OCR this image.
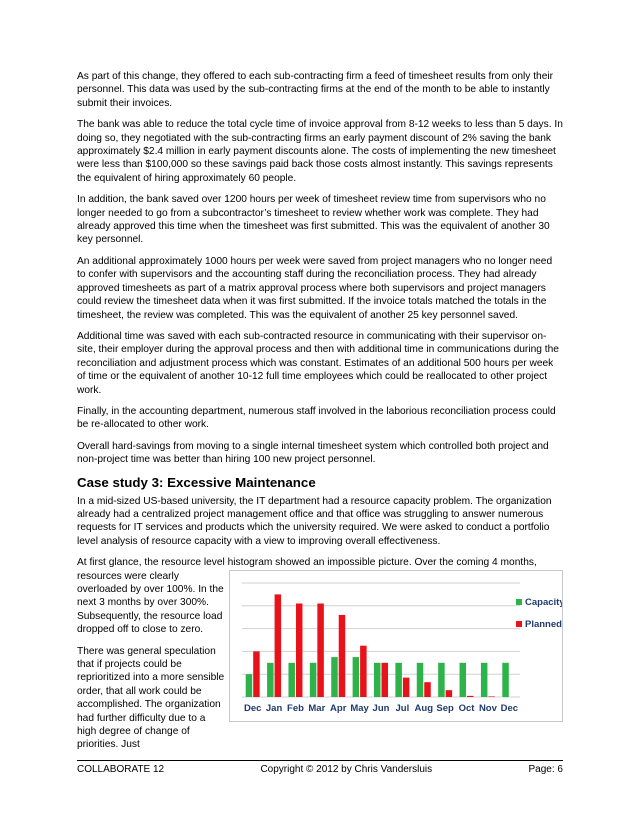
As part of this change, they offered to each sub-contracting firm a feed of timesheet results from only their personnel. This data was used by the sub-contracting firms at the end of the month to be able to instantly submit their invoices.

The bank was able to reduce the total cycle time of invoice approval from 8-12 weeks to less than 5 days. In doing so, they negotiated with the sub-contracting firms an early payment discount of 2% saving the bank approximately $2.4 million in early payment discounts alone. The costs of implementing the new timesheet were less than $100,000 so these savings paid back those costs almost instantly. This savings represents the equivalent of hiring approximately 60 people.

In addition, the bank saved over 1200 hours per week of timesheet review time from supervisors who no longer needed to go from a subcontractor’s timesheet to review whether work was complete. They had already approved this time when the timesheet was first submitted. This was the equivalent of another 30 key personnel.

An additional approximately 1000 hours per week were saved from project managers who no longer need to confer with supervisors and the accounting staff during the reconciliation process. They had already approved timesheets as part of a matrix approval process where both supervisors and project managers could review the timesheet data when it was first submitted. If the invoice totals matched the totals in the timesheet, the review was completed. This was the equivalent of another 25 key personnel saved.

Additional time was saved with each sub-contracted resource in communicating with their supervisor on-site, their employer during the approval process and then with additional time in communications during the reconciliation and adjustment process which was constant. Estimates of an additional 500 hours per week of time or the equivalent of another 10-12 full time employees which could be reallocated to other project work.

Finally, in the accounting department, numerous staff involved in the laborious reconciliation process could be re-allocated to other work.

Overall hard-savings from moving to a single internal timesheet system which controlled both project and non-project time was better than hiring 100 new project personnel.

Case study 3: Excessive Maintenance

In a mid-sized US-based university, the IT department had a resource capacity problem. The organization already had a centralized project management office and that office was struggling to answer numerous requests for IT services and products which the university required. We were asked to conduct a portfolio level analysis of resource capacity with a view to improving overall effectiveness.

At first glance, the resource level histogram showed an impossible picture. Over the coming 4 months,

resources were clearly overloaded by over 100%. In the next 3 months by over 300%. Subsequently, the resource load dropped off to close to zero.

There was general speculation that if projects could be reprioritized into a more sensible order, that all work could be accomplished. The organization had further difficulty due to a high degree of change of priorities. Just

Dec Jan Feb Mar Apr May Jun Jul Aug Sep Oct Nov Dec
Capacity
Planned
COLLABORATE 12	Copyright © 2012 by Chris Vandersluis	Page: 6
